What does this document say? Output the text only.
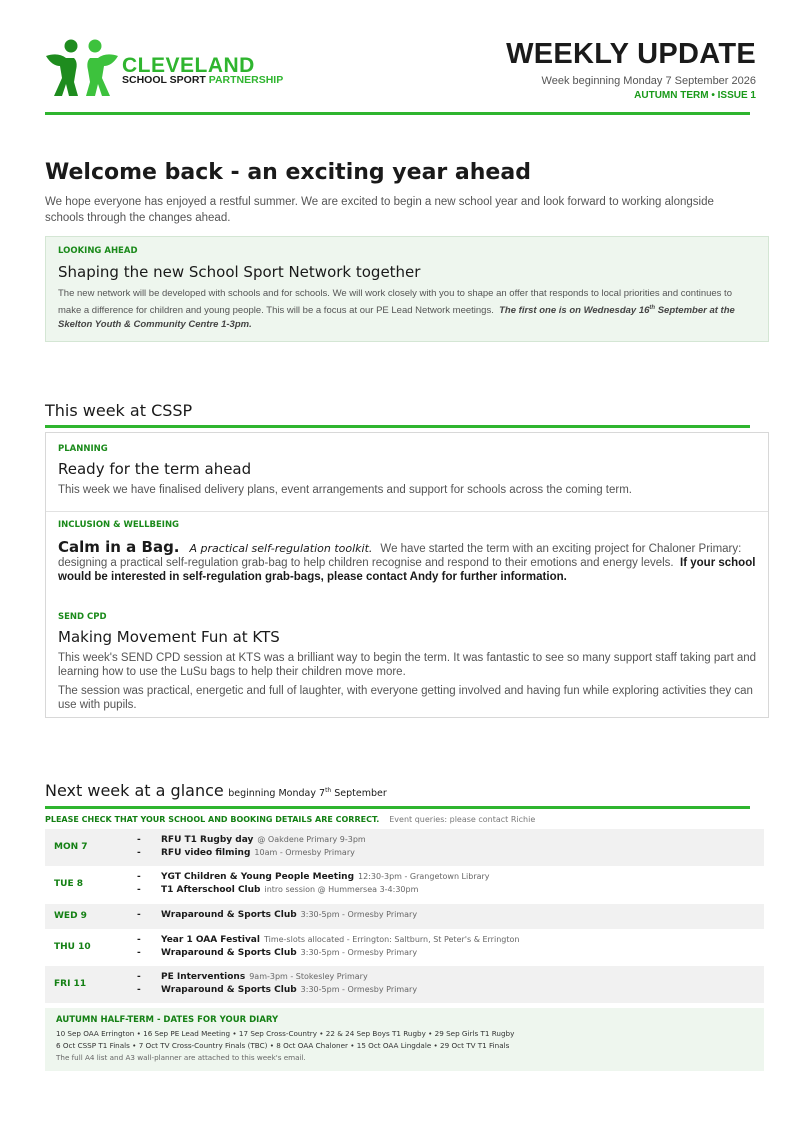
CLEVELAND
SCHOOL SPORT PARTNERSHIP
WEEKLY UPDATE
Week beginning Monday 7 September 2026
AUTUMN TERM • ISSUE 1
Welcome back - an exciting year ahead
We hope everyone has enjoyed a restful summer. We are excited to begin a new school year and look forward to working alongside schools through the changes ahead.
LOOKING AHEAD
Shaping the new School Sport Network together
The new network will be developed with schools and for schools. We will work closely with you to shape an offer that responds to local priorities and continues to make a difference for children and young people. This will be a focus at our PE Lead Network meetings. The first one is on Wednesday 16th September at the Skelton Youth & Community Centre 1-3pm.
This week at CSSP
PLANNING
Ready for the term ahead
This week we have finalised delivery plans, event arrangements and support for schools across the coming term.
INCLUSION & WELLBEING
Calm in a Bag. A practical self-regulation toolkit. We have started the term with an exciting project for Chaloner Primary: designing a practical self-regulation grab-bag to help children recognise and respond to their emotions and energy levels. If your school would be interested in self-regulation grab-bags, please contact Andy for further information.
SEND CPD
Making Movement Fun at KTS
This week's SEND CPD session at KTS was a brilliant way to begin the term. It was fantastic to see so many support staff taking part and learning how to use the LuSu bags to help their children move more.
The session was practical, energetic and full of laughter, with everyone getting involved and having fun while exploring activities they can use with pupils.
Next week at a glance beginning Monday 7th September
PLEASE CHECK THAT YOUR SCHOOL AND BOOKING DETAILS ARE CORRECT. Event queries: please contact Richie
MON 7
- RFU T1 Rugby day @ Oakdene Primary 9-3pm
- RFU video filming 10am - Ormesby Primary
TUE 8
- YGT Children & Young People Meeting 12:30-3pm - Grangetown Library
- T1 Afterschool Club intro session @ Hummersea 3-4:30pm
WED 9	- Wraparound & Sports Club 3:30-5pm - Ormesby Primary
THU 10
- Year 1 OAA Festival Time-slots allocated - Errington: Saltburn, St Peter's & Errington
- Wraparound & Sports Club 3:30-5pm - Ormesby Primary
FRI 11
- PE Interventions 9am-3pm - Stokesley Primary
- Wraparound & Sports Club 3:30-5pm - Ormesby Primary
AUTUMN HALF-TERM - DATES FOR YOUR DIARY
10 Sep OAA Errington • 16 Sep PE Lead Meeting • 17 Sep Cross-Country • 22 & 24 Sep Boys T1 Rugby • 29 Sep Girls T1 Rugby
6 Oct CSSP T1 Finals • 7 Oct TV Cross-Country Finals (TBC) • 8 Oct OAA Chaloner • 15 Oct OAA Lingdale • 29 Oct TV T1 Finals
The full A4 list and A3 wall-planner are attached to this week's email.
